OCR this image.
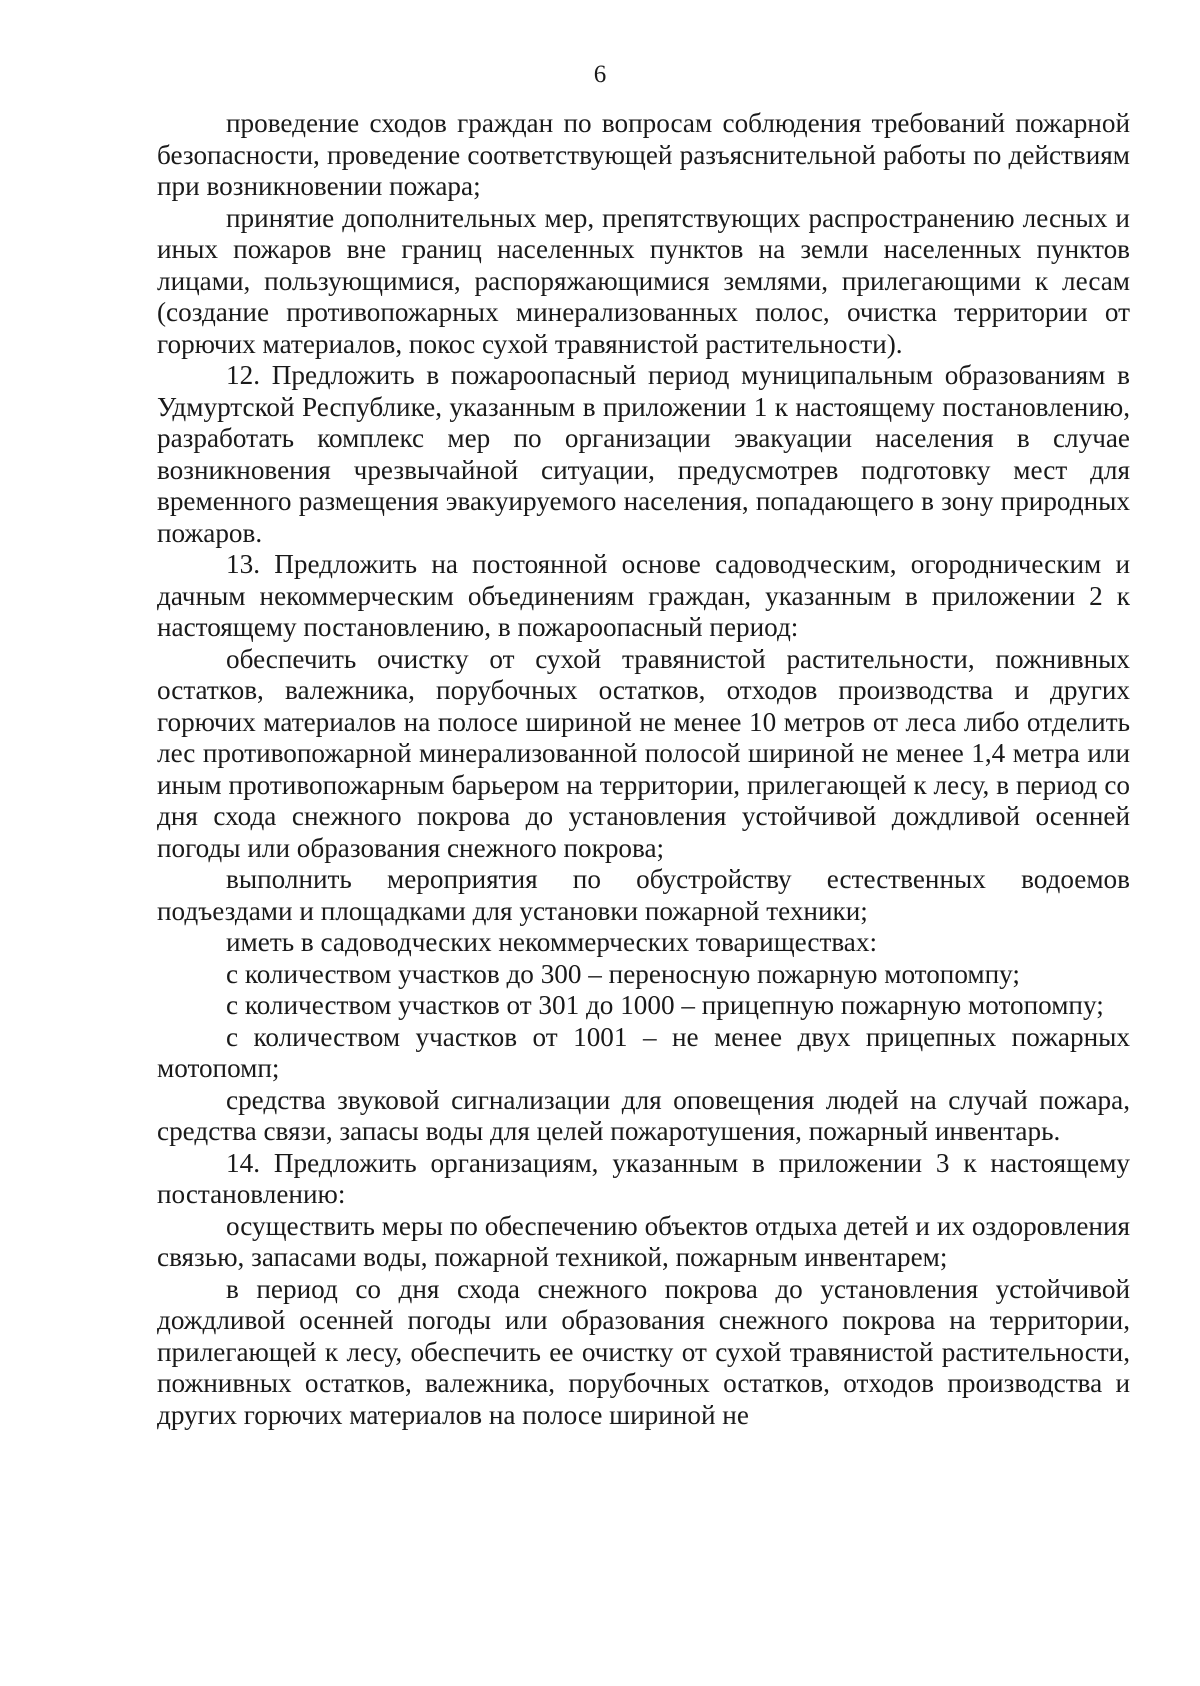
6

проведение сходов граждан по вопросам соблюдения требований пожарной безопасности, проведение соответствующей разъяснительной работы по действиям при возникновении пожара;

принятие дополнительных мер, препятствующих распространению лесных и иных пожаров вне границ населенных пунктов на земли населенных пунктов лицами, пользующимися, распоряжающимися землями, прилегающими к лесам (создание противопожарных минерализованных полос, очистка территории от горючих материалов, покос сухой травянистой растительности).

12. Предложить в пожароопасный период муниципальным образованиям в Удмуртской Республике, указанным в приложении 1 к настоящему постановлению, разработать комплекс мер по организации эвакуации населения в случае возникновения чрезвычайной ситуации, предусмотрев подготовку мест для временного размещения эвакуируемого населения, попадающего в зону природных пожаров.

13. Предложить на постоянной основе садоводческим, огородническим и дачным некоммерческим объединениям граждан, указанным в приложении 2 к настоящему постановлению, в пожароопасный период:

обеспечить очистку от сухой травянистой растительности, пожнивных остатков, валежника, порубочных остатков, отходов производства и других горючих материалов на полосе шириной не менее 10 метров от леса либо отделить лес противопожарной минерализованной полосой шириной не менее 1,4 метра или иным противопожарным барьером на территории, прилегающей к лесу, в период со дня схода снежного покрова до установления устойчивой дождливой осенней погоды или образования снежного покрова;

выполнить мероприятия по обустройству естественных водоемов подъездами и площадками для установки пожарной техники;

иметь в садоводческих некоммерческих товариществах:

с количеством участков до 300 – переносную пожарную мотопомпу;

с количеством участков от 301 до 1000 – прицепную пожарную мотопомпу;

с количеством участков от 1001 – не менее двух прицепных пожарных мотопомп;

средства звуковой сигнализации для оповещения людей на случай пожара, средства связи, запасы воды для целей пожаротушения, пожарный инвентарь.

14. Предложить организациям, указанным в приложении 3 к настоящему постановлению:

осуществить меры по обеспечению объектов отдыха детей и их оздоровления связью, запасами воды, пожарной техникой, пожарным инвентарем;

в период со дня схода снежного покрова до установления устойчивой дождливой осенней погоды или образования снежного покрова на территории, прилегающей к лесу, обеспечить ее очистку от сухой травянистой растительности, пожнивных остатков, валежника, порубочных остатков, отходов производства и других горючих материалов на полосе шириной не
